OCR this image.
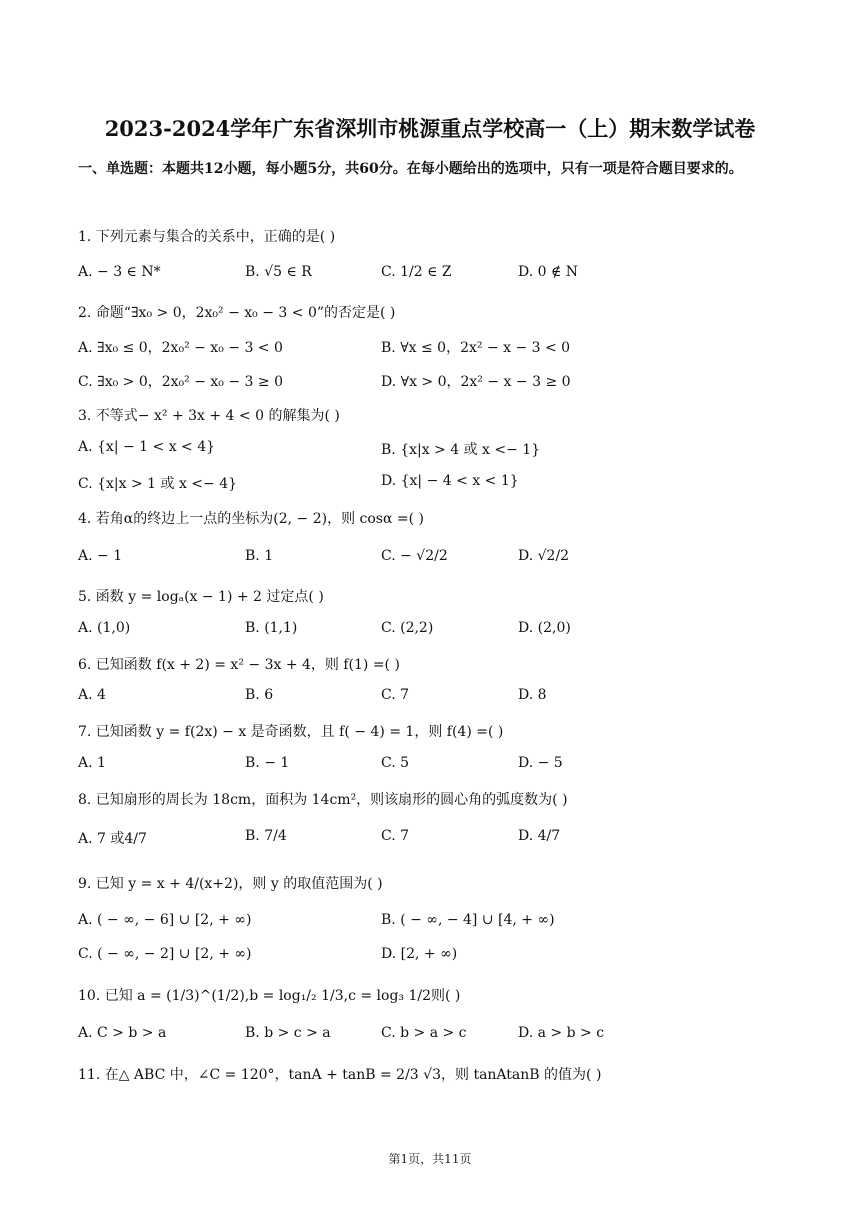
2023-2024学年广东省深圳市桃源重点学校高一（上）期末数学试卷
一、单选题：本题共12小题，每小题5分，共60分。在每小题给出的选项中，只有一项是符合题目要求的。
1. 下列元素与集合的关系中，正确的是( )
A. − 3 ∈ N*	B. √5 ∈ R	C. 1/2 ∈ Z	D. 0 ∉ N
2. 命题“∃x₀ > 0，2x₀² − x₀ − 3 < 0”的否定是( )
A. ∃x₀ ≤ 0，2x₀² − x₀ − 3 < 0	B. ∀x ≤ 0，2x² − x − 3 < 0
C. ∃x₀ > 0，2x₀² − x₀ − 3 ≥ 0	D. ∀x > 0，2x² − x − 3 ≥ 0
3. 不等式− x² + 3x + 4 < 0 的解集为( )
A. {x| − 1 < x < 4}	B. {x|x > 4 或 x <− 1}
C. {x|x > 1 或 x <− 4}	D. {x| − 4 < x < 1}
4. 若角α的终边上一点的坐标为(2, − 2)，则 cosα =( )
A. − 1	B. 1	C. − √2/2	D. √2/2
5. 函数 y = logₐ(x − 1) + 2 过定点( )
A. (1,0)	B. (1,1)	C. (2,2)	D. (2,0)
6. 已知函数 f(x + 2) = x² − 3x + 4，则 f(1) =( )
A. 4	B. 6	C. 7	D. 8
7. 已知函数 y = f(2x) − x 是奇函数，且 f( − 4) = 1，则 f(4) =( )
A. 1	B. − 1	C. 5	D. − 5
8. 已知扇形的周长为 18cm，面积为 14cm²，则该扇形的圆心角的弧度数为( )
A. 7 或4/7	B. 7/4	C. 7	D. 4/7
9. 已知 y = x + 4/(x+2)，则 y 的取值范围为( )
A. ( − ∞, − 6] ∪ [2, + ∞)	B. ( − ∞, − 4] ∪ [4, + ∞)
C. ( − ∞, − 2] ∪ [2, + ∞)	D. [2, + ∞)
10. 已知 a = (1/3)^(1/2),b = log₁/₂ 1/3,c = log₃ 1/2则( )
A. C > b > a	B. b > c > a	C. b > a > c	D. a > b > c
11. 在△ ABC 中，∠C = 120°，tanA + tanB = 2/3 √3，则 tanAtanB 的值为( )
第1页，共11页
